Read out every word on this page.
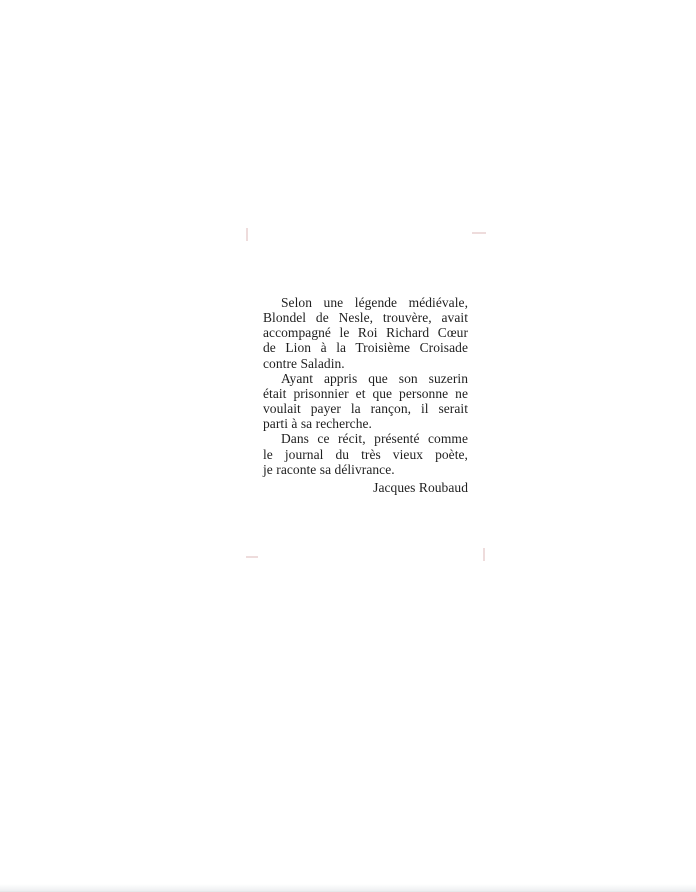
Selon une légende médiévale,
Blondel de Nesle, trouvère, avait
accompagné le Roi Richard Cœur
de Lion à la Troisième Croisade
contre Saladin.
Ayant appris que son suzerin
était prisonnier et que personne ne
voulait payer la rançon, il serait
parti à sa recherche.
Dans ce récit, présenté comme
le journal du très vieux poète,
je raconte sa délivrance.

Jacques Roubaud
